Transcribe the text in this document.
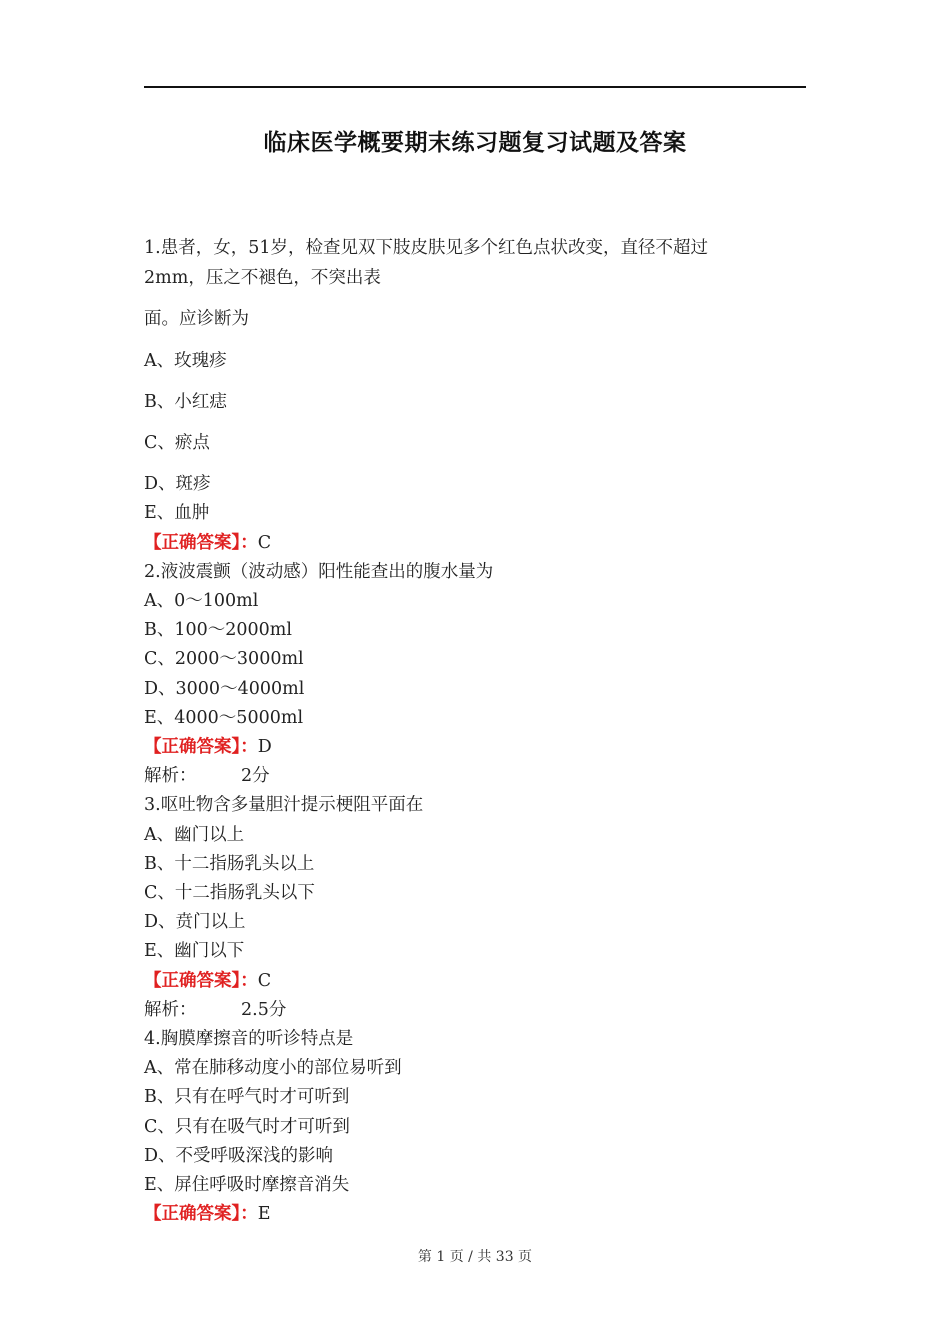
临床医学概要期末练习题复习试题及答案
1.患者，女，51岁，检查见双下肢皮肤见多个红色点状改变，直径不超过
2mm，压之不褪色，不突出表
面。应诊断为
A、玫瑰疹
B、小红痣
C、瘀点
D、斑疹
E、血肿
【正确答案】：C
2.液波震颤（波动感）阳性能查出的腹水量为
A、0～100ml
B、100～2000ml
C、2000～3000ml
D、3000～4000ml
E、4000～5000ml
【正确答案】：D
解析：        2分
3.呕吐物含多量胆汁提示梗阻平面在
A、幽门以上
B、十二指肠乳头以上
C、十二指肠乳头以下
D、贲门以上
E、幽门以下
【正确答案】：C
解析：        2.5分
4.胸膜摩擦音的听诊特点是
A、常在肺移动度小的部位易听到
B、只有在呼气时才可听到
C、只有在吸气时才可听到
D、不受呼吸深浅的影响
E、屏住呼吸时摩擦音消失
【正确答案】：E
第 1 页 / 共 33 页
